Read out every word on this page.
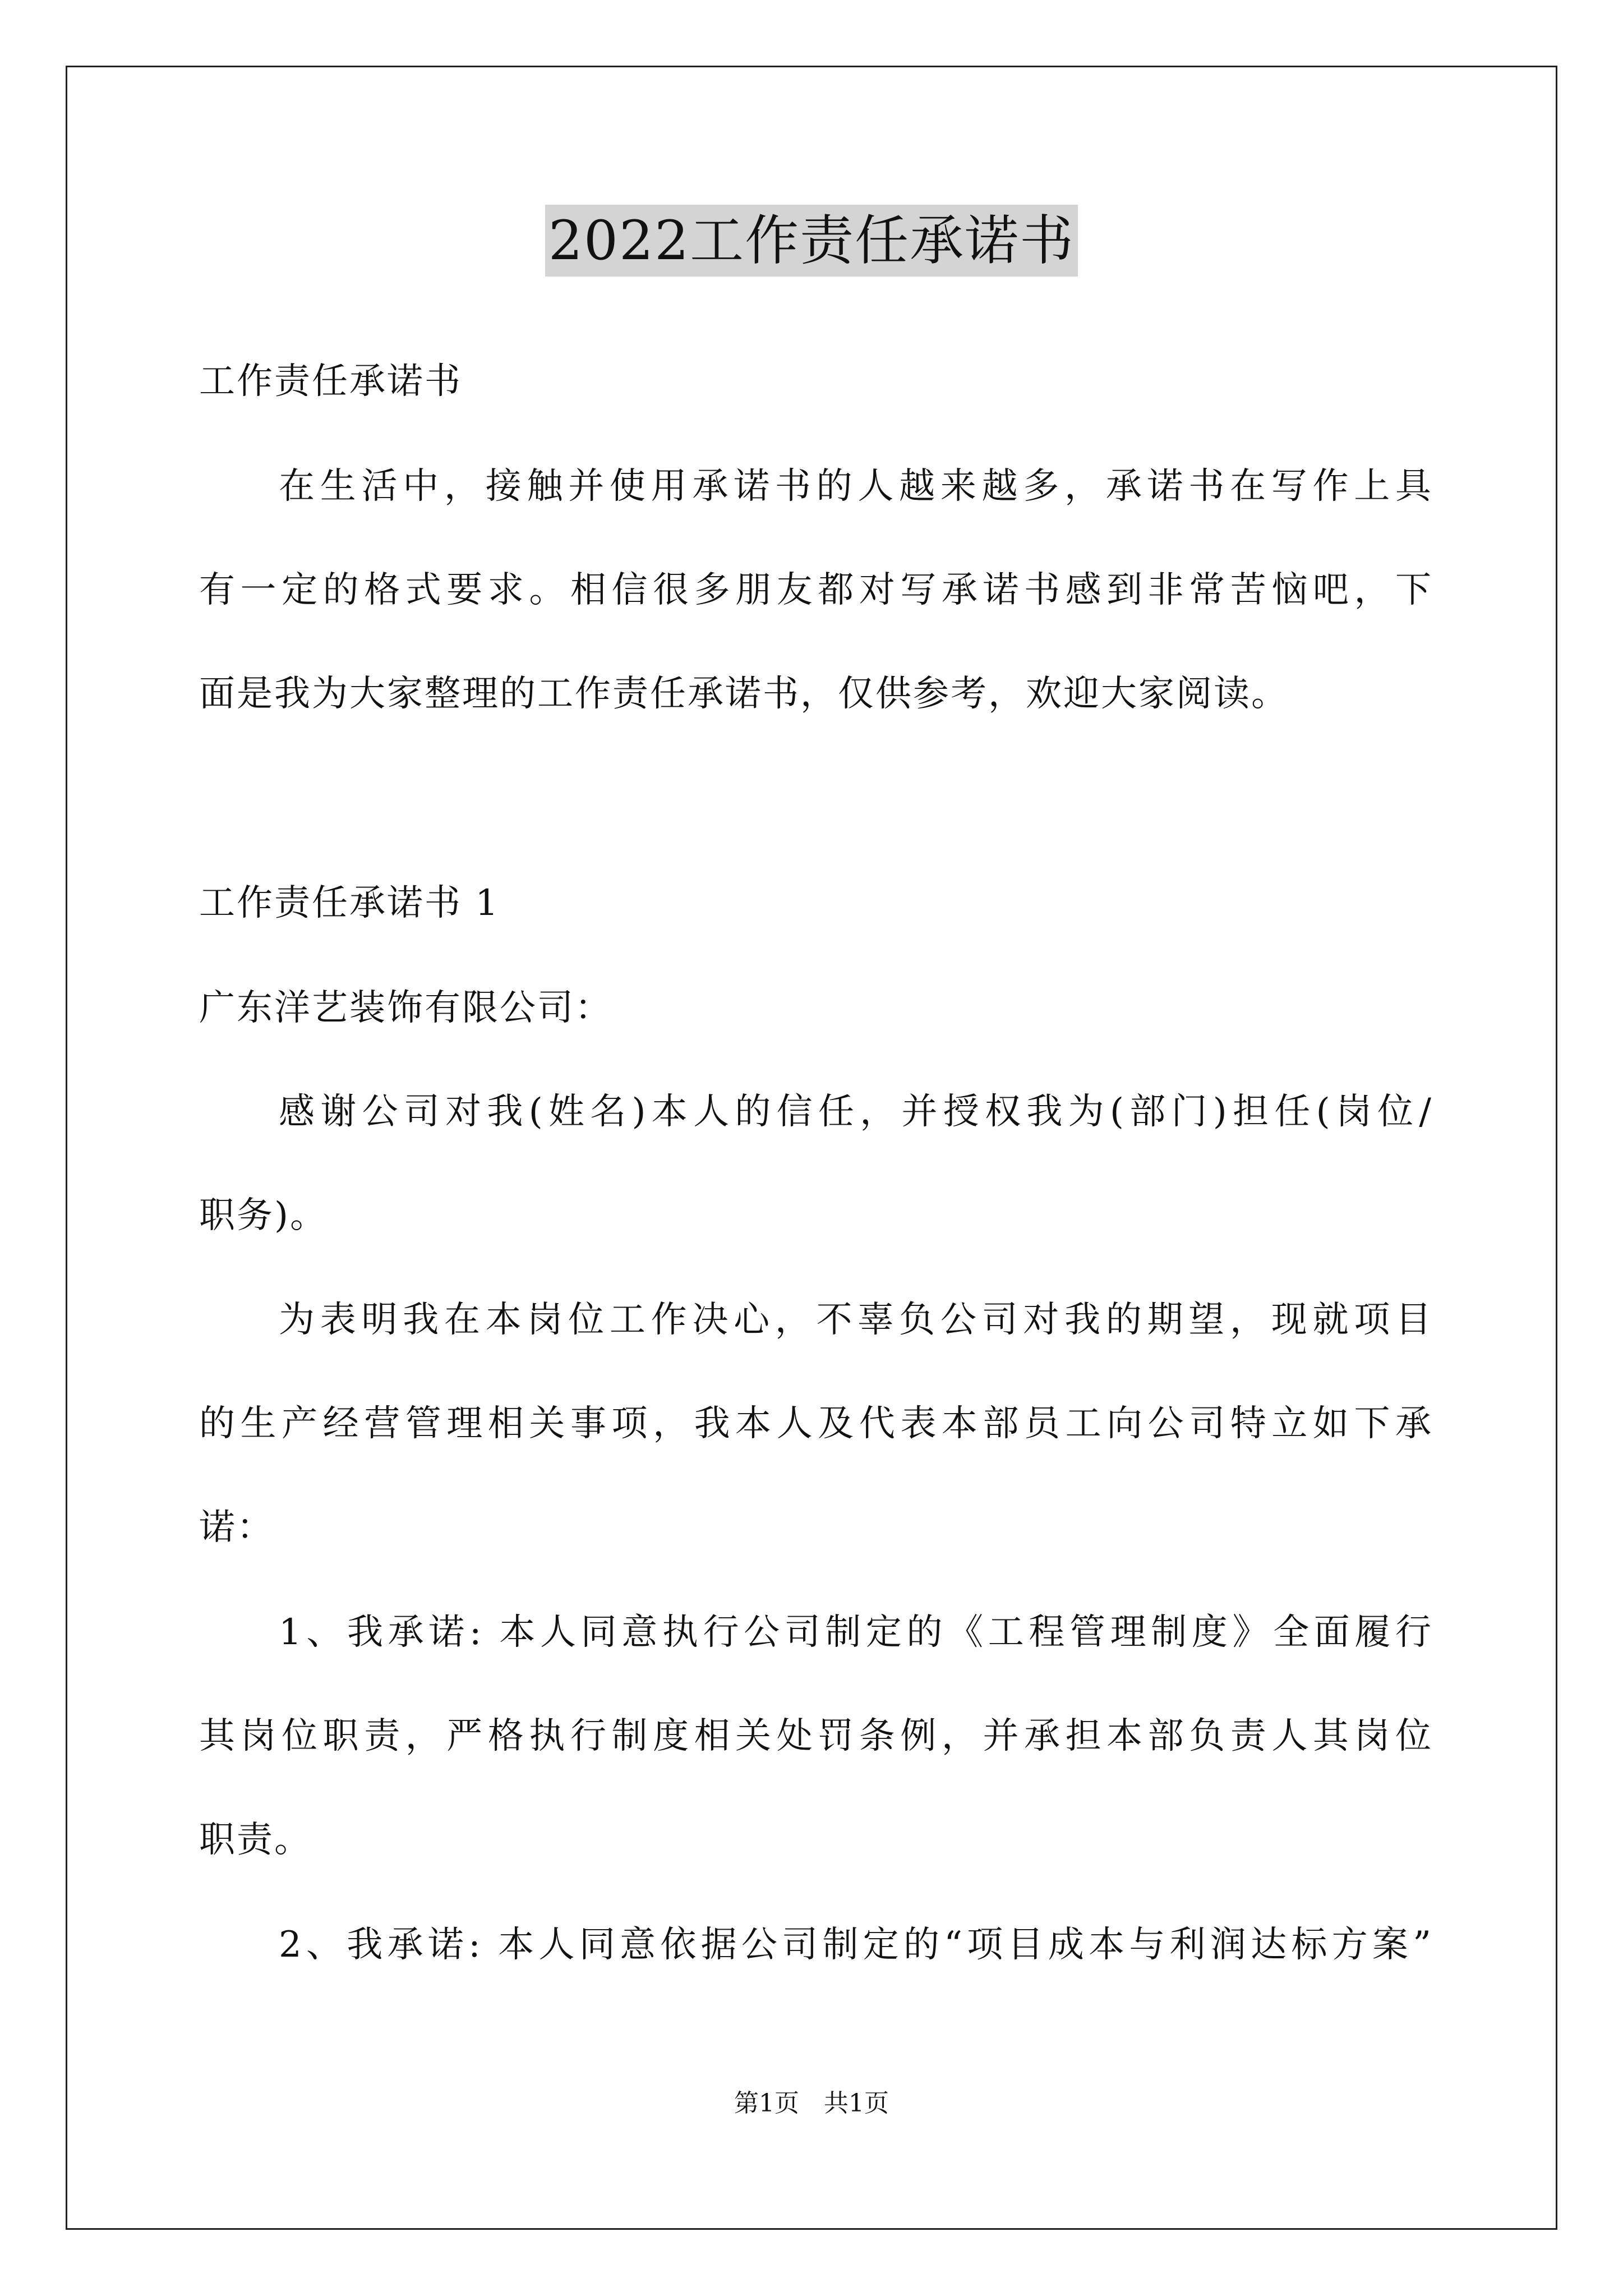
2022工作责任承诺书
工作责任承诺书
在生活中，接触并使用承诺书的人越来越多，承诺书在写作上具
有一定的格式要求。相信很多朋友都对写承诺书感到非常苦恼吧，下
面是我为大家整理的工作责任承诺书，仅供参考，欢迎大家阅读。
工作责任承诺书 1
广东洋艺装饰有限公司：
感谢公司对我(姓名)本人的信任，并授权我为(部门)担任(岗位/
职务)。
为表明我在本岗位工作决心，不辜负公司对我的期望，现就项目
的生产经营管理相关事项，我本人及代表本部员工向公司特立如下承
诺：
1、我承诺: 本人同意执行公司制定的《工程管理制度》全面履行
其岗位职责，严格执行制度相关处罚条例，并承担本部负责人其岗位
职责。
2、我承诺: 本人同意依据公司制定的“项目成本与利润达标方案”
第1页　共1页
